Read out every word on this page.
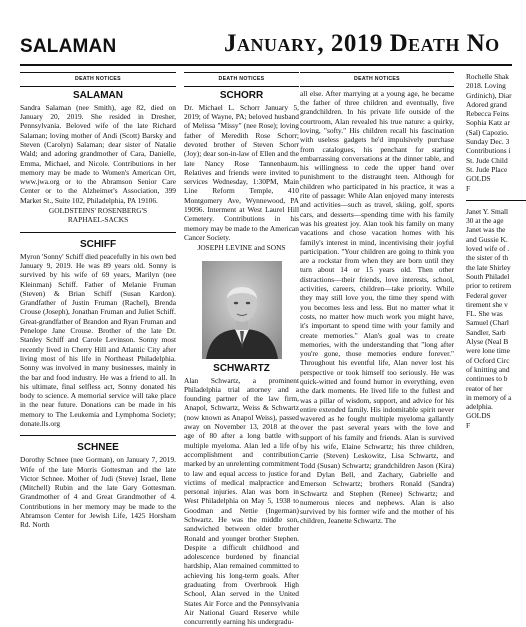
SALAMAN	January, 2019 Death No
DEATH NOTICES
SALAMAN
Sandra Salaman (nee Smith), age 82, died on January 20, 2019. She resided in Dresher, Pennsylvania. Beloved wife of the late Richard Salaman; loving mother of Andi (Scott) Barsky and Steven (Carolyn) Salaman; dear sister of Natalie Wald; and adoring grandmother of Cara, Danielle, Emma, Michael, and Nicole. Contributions in her memory may be made to Women's American Ort, www.jwa.org or to the Abramson Senior Care Center or to the Alzheimer's Association, 399 Market St., Suite 102, Philadelphia, PA 19106.
GOLDSTEINS' ROSENBERG'S
RAPHAEL-SACKS
SCHIFF
Myron 'Sonny' Schiff died peacefully in his own bed January 9, 2019. He was 89 years old. Sonny is survived by his wife of 69 years, Marilyn (nee Kleinman) Schiff. Father of Melanie Fruman (Steven) & Brian Schiff (Susan Kardon). Grandfather of Justin Fruman (Rachel), Brenda Crouse (Joseph), Jonathan Fruman and Juliet Schiff. Great-grandfather of Brandon and Ryan Fruman and Penelope Jane Crouse. Brother of the late Dr. Stanley Schiff and Carole Levinson. Sonny most recently lived in Cherry Hill and Atlantic City after living most of his life in Northeast Philadelphia. Sonny was involved in many businesses, mainly in the bar and food industry. He was a friend to all. In his ultimate, final selfless act, Sonny donated his body to science. A memorial service will take place in the near future. Donations can be made in his memory to The Leukemia and Lymphoma Society; donate.lls.org
SCHNEE
Dorothy Schnee (nee Gorman), on January 7, 2019. Wife of the late Morris Gottesman and the late Victor Schnee. Mother of Judi (Steve) Israel, Ilene (Mitchell) Rubin and the late Gary Gottesman. Grandmother of 4 and Great Grandmother of 4. Contributions in her memory may be made to the Abramson Center for Jewish Life, 1425 Horsham Rd. North
DEATH NOTICES
SCHORR
Dr. Michael L. Schorr January 5, 2019; of Wayne, PA; beloved husband of Melissa "Missy" (nee Rose); loving father of Meredith Rose Schorr; devoted brother of Steven Schorr (Joy); dear son-in-law of Ellen and the late Nancy Rose Tannenbaum. Relatives and friends were invited to services Wednesday, 1:30PM, Main Line Reform Temple, 410 Montgomery Ave, Wynnewood, PA 19096. Interment at West Laurel Hill Cemetery. Contributions in his memory may be made to the American Cancer Society.
JOSEPH LEVINE and SONS
SCHWARTZ
Alan Schwartz, a prominent Philadelphia trial attorney and a founding partner of the law firm, Anapol, Schwartz, Weiss & Schwartz (now known as Anapol Weiss), passed away on November 13, 2018 at the age of 80 after a long battle with multiple myeloma. Alan led a life of accomplishment and contribution marked by an unrelenting commitment to law and equal access to justice for victims of medical malpractice and personal injuries. Alan was born in West Philadelphia on May 5, 1938 to Goodman and Nettie (Ingerman) Schwartz. He was the middle son, sandwiched between older brother Ronald and younger brother Stephen. Despite a difficult childhood and adolescence burdened by financial hardship, Alan remained committed to achieving his long-term goals. After graduating from Overbrook High School, Alan served in the United States Air Force and the Pennsylvania Air National Guard Reserve while concurrently earning his undergradu-
DEATH NOTICES
all else. After marrying at a young age, he became the father of three children and eventually, five grandchildren. In his private life outside of the courtroom, Alan revealed his true nature: a quirky, loving, "softy." His children recall his fascination with useless gadgets he'd impulsively purchase from catalogues, his penchant for starting embarrassing conversations at the dinner table, and his willingness to cede the upper hand over punishment to the distraught teen. Although for children who participated in his practice, it was a rite of passage: While Alan enjoyed many interests and activities—such as travel, skiing, golf, sports cars, and desserts—spending time with his family was his greatest joy. Alan took his family on many vacations and chose vacation homes with his family's interest in mind, incentivising their joyful participation. "Your children are going to think you are a rockstar from when they are born until they turn about 14 or 15 years old. Then other distractions—their friends, love interests, school, activities, careers, children—take priority. While they may still love you, the time they spend with you becomes less and less. But no matter what it costs, no matter how much work you might have, it's important to spend time with your family and create memories." Alan's goal was to create memories, with the understanding that "long after you're gone, those memories endure forever." Throughout his eventful life, Alan never lost his perspective or took himself too seriously. He was quick-witted and found humor in everything, even the dark moments. He lived life to the fullest and was a pillar of wisdom, support, and advice for his entire extended family. His indomitable spirit never wavered as he fought multiple myeloma gallantly over the past several years with the love and support of his family and friends. Alan is survived by his wife, Elaine Schwartz; his three children, Carrie (Steven) Leskowitz, Lisa Schwartz, and Todd (Susan) Schwartz; grandchildren Jason (Kira) and Dylan Bell, and Zachary, Gabrielle and Emerson Schwartz; brothers Ronald (Sandra) Schwartz and Stephen (Renee) Schwartz; and numerous nieces and nephews. Alan is also survived by his former wife and the mother of his children, Jeanette Schwartz. The
Rochelle Shak
2018. Loving
Grdinich), Diar
Adored grand
Rebecca Feins
Sophia Katz ar
(Sal) Capozio.
Sunday Dec. 3
Contributions i
St. Jude Child
St. Jude Place
GOLDS
F
Janet Y. Small
30 at the age
Janet was the
and Gussie K.
loved wife of .
the sister of th
the late Shirley
South Philadel
prior to retirem
Federal gover
tirement she v
FL. She was
Samuel (Charl
Sandler, Sarb
Alyse (Neal B
were lone time
of Ocford Circ
of knitting and
continues to b
reator of her
in memory of a
adelphia.
GOLDS
F
